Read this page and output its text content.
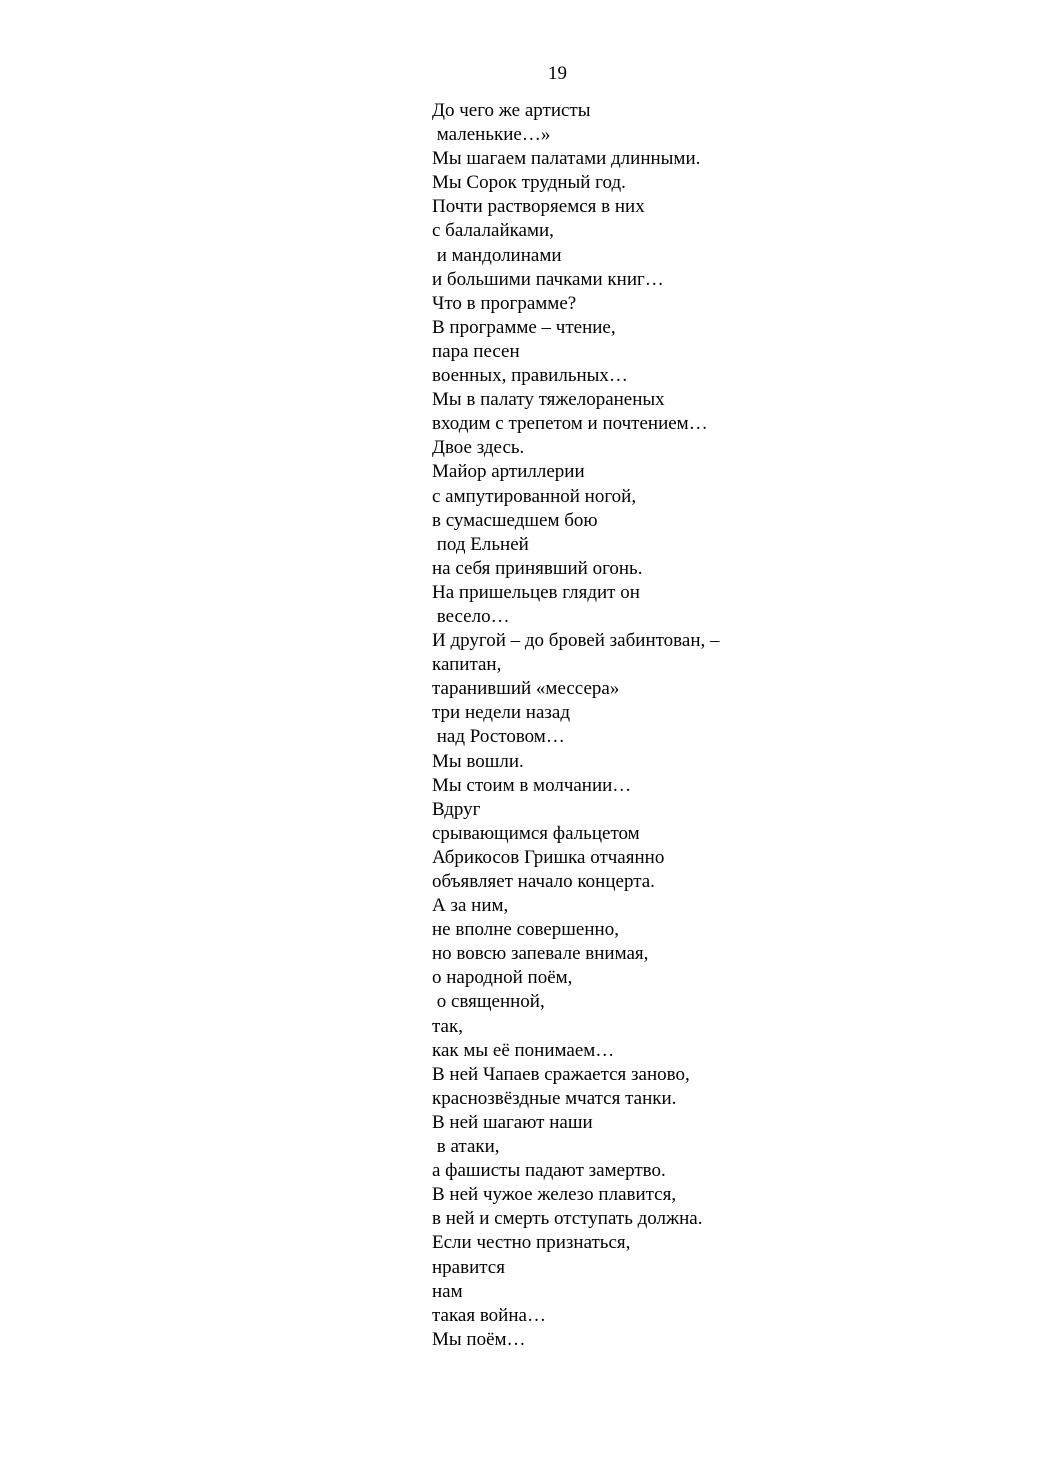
19
До чего же артисты
маленькие…»
Мы шагаем палатами длинными.
Мы Сорок трудный год.
Почти растворяемся в них
с балалайками,
и мандолинами
и большими пачками книг…
Что в программе?
В программе – чтение,
пара песен
военных, правильных…
Мы в палату тяжелораненых
входим с трепетом и почтением…
Двое здесь.
Майор артиллерии
с ампутированной ногой,
в сумасшедшем бою
под Ельней
на себя принявший огонь.
На пришельцев глядит он
весело…
И другой – до бровей забинтован, –
капитан,
таранивший «мессера»
три недели назад
над Ростовом…
Мы вошли.
Мы стоим в молчании…
Вдруг
срывающимся фальцетом
Абрикосов Гришка отчаянно
объявляет начало концерта.
А за ним,
не вполне совершенно,
но вовсю запевале внимая,
о народной поём,
о священной,
так,
как мы её понимаем…
В ней Чапаев сражается заново,
краснозвёздные мчатся танки.
В ней шагают наши
в атаки,
а фашисты падают замертво.
В ней чужое железо плавится,
в ней и смерть отступать должна.
Если честно признаться,
нравится
нам
такая война…
Мы поём…
